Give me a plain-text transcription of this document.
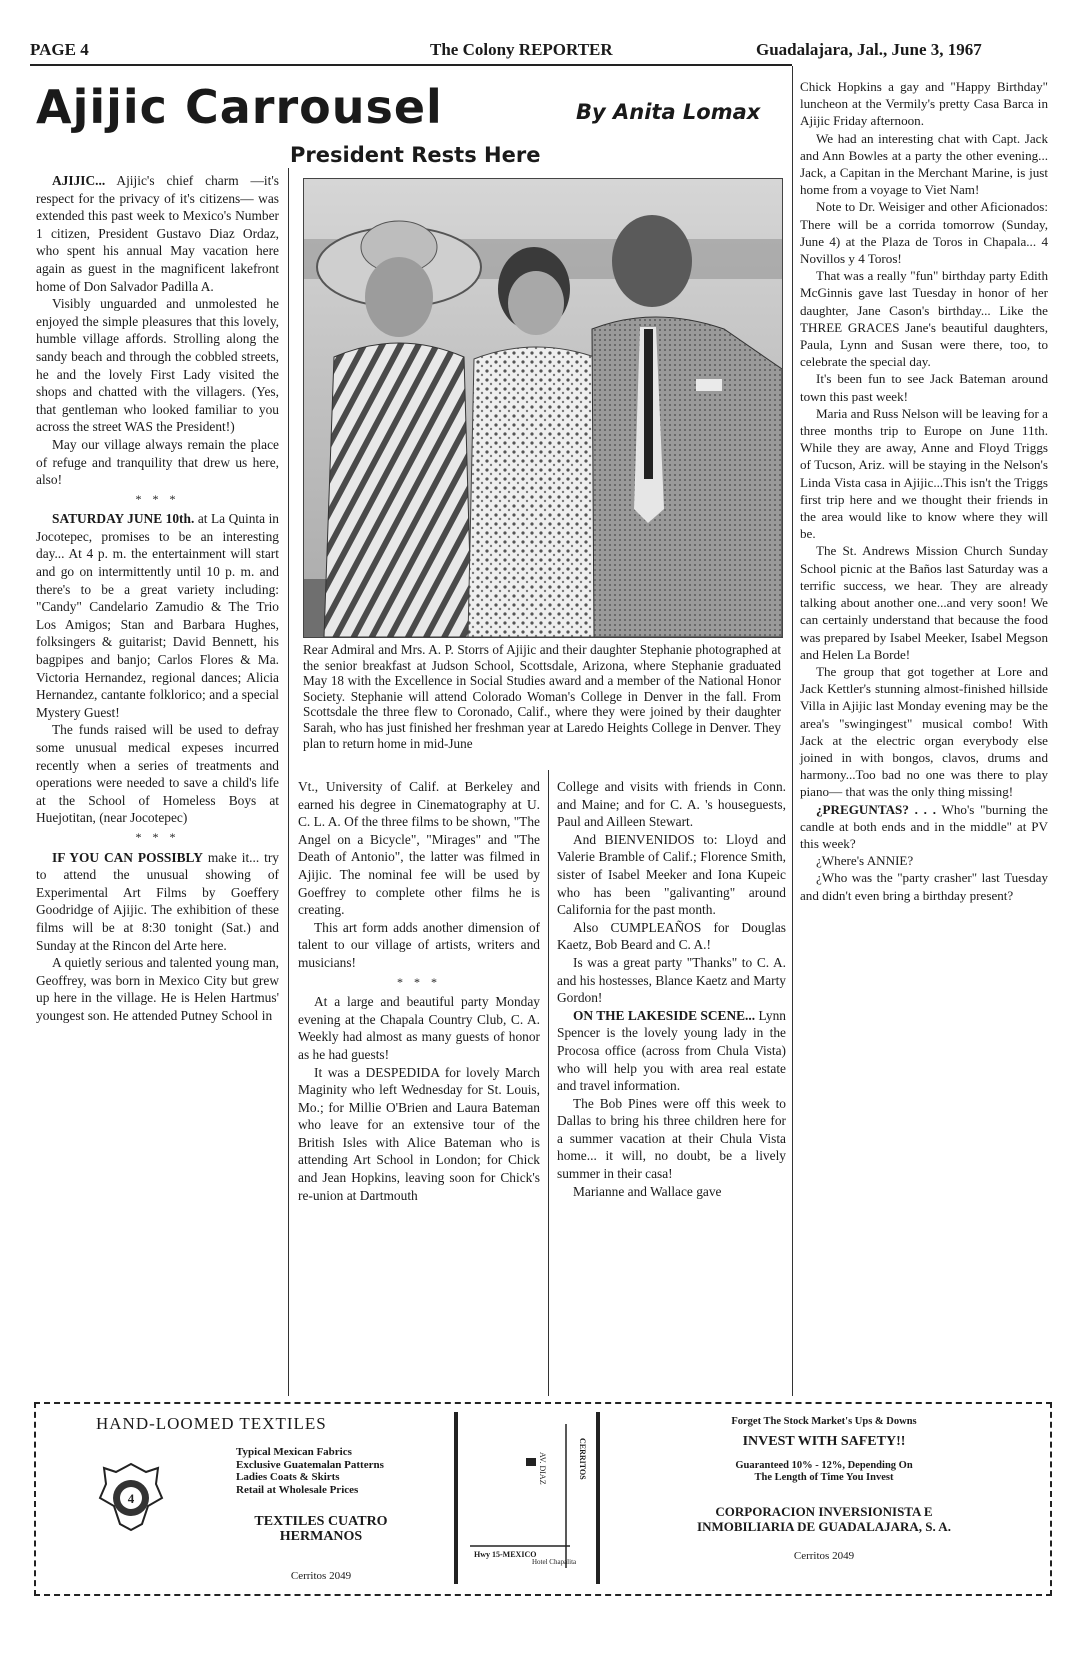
PAGE 4	The Colony REPORTER	Guadalajara, Jal., June 3, 1967
Ajijic Carrousel	By Anita Lomax
President Rests Here
Rear Admiral and Mrs. A. P. Storrs of Ajijic and their daughter Stephanie photographed at the senior breakfast at Judson School, Scottsdale, Arizona, where Stephanie graduated May 18 with the Excellence in Social Studies award and a member of the National Honor Society. Stephanie will attend Colorado Woman's College in Denver in the fall. From Scottsdale the three flew to Coronado, Calif., where they were joined by their daughter Sarah, who has just finished her freshman year at Laredo Heights College in Denver. They plan to return home in mid-June

AJIJIC... Ajijic's chief charm —it's respect for the privacy of it's citizens— was extended this past week to Mexico's Number 1 citizen, President Gustavo Diaz Ordaz, who spent his annual May vacation here again as guest in the magnificent lakefront home of Don Salvador Padilla A.

Visibly unguarded and unmolested he enjoyed the simple pleasures that this lovely, humble village affords. Strolling along the sandy beach and through the cobbled streets, he and the lovely First Lady visited the shops and chatted with the villagers. (Yes, that gentleman who looked familiar to you across the street WAS the President!)

May our village always remain the place of refuge and tranquility that drew us here, also!

* * *

SATURDAY JUNE 10th. at La Quinta in Jocotepec, promises to be an interesting day... At 4 p. m. the entertainment will start and go on intermittently until 10 p. m. and there's to be a great variety including: "Candy" Candelario Zamudio & The Trio Los Amigos; Stan and Barbara Hughes, folksingers & guitarist; David Bennett, his bagpipes and banjo; Carlos Flores & Ma. Victoria Hernandez, regional dances; Alicia Hernandez, cantante folklorico; and a special Mystery Guest!

The funds raised will be used to defray some unusual medical expeses incurred recently when a series of treatments and operations were needed to save a child's life at the School of Homeless Boys at Huejotitan, (near Jocotepec)

* * *

IF YOU CAN POSSIBLY make it... try to attend the unusual showing of Experimental Art Films by Goeffery Goodridge of Ajijic. The exhibition of these films will be at 8:30 tonight (Sat.) and Sunday at the Rincon del Arte here.

A quietly serious and talented young man, Geoffrey, was born in Mexico City but grew up here in the village. He is Helen Hartmus' youngest son. He attended Putney School in

Vt., University of Calif. at Berkeley and earned his degree in Cinematography at U. C. L. A. Of the three films to be shown, "The Angel on a Bicycle", "Mirages" and "The Death of Antonio", the latter was filmed in Ajijic. The nominal fee will be used by Goeffrey to complete other films he is creating.

This art form adds another dimension of talent to our village of artists, writers and musicians!

* * *

At a large and beautiful party Monday evening at the Chapala Country Club, C. A. Weekly had almost as many guests of honor as he had guests!

It was a DESPEDIDA for lovely March Maginity who left Wednesday for St. Louis, Mo.; for Millie O'Brien and Laura Bateman who leave for an extensive tour of the British Isles with Alice Bateman who is attending Art School in London; for Chick and Jean Hopkins, leaving soon for Chick's re-union at Dartmouth

College and visits with friends in Conn. and Maine; and for C. A. 's houseguests, Paul and Ailleen Stewart.

And BIENVENIDOS to: Lloyd and Valerie Bramble of Calif.; Florence Smith, sister of Isabel Meeker and Iona Kupeic who has been "galivanting" around California for the past month.

Also CUMPLEAÑOS for Douglas Kaetz, Bob Beard and C. A.!

Is was a great party "Thanks" to C. A. and his hostesses, Blance Kaetz and Marty Gordon!

ON THE LAKESIDE SCENE... Lynn Spencer is the lovely young lady in the Procosa office (across from Chula Vista) who will help you with area real estate and travel information.

The Bob Pines were off this week to Dallas to bring his three children here for a summer vacation at their Chula Vista home... it will, no doubt, be a lively summer in their casa!

Marianne and Wallace gave

Chick Hopkins a gay and "Happy Birthday" luncheon at the Vermily's pretty Casa Barca in Ajijic Friday afternoon.

We had an interesting chat with Capt. Jack and Ann Bowles at a party the other evening... Jack, a Capitan in the Merchant Marine, is just home from a voyage to Viet Nam!

Note to Dr. Weisiger and other Aficionados: There will be a corrida tomorrow (Sunday, June 4) at the Plaza de Toros in Chapala... 4 Novillos y 4 Toros!

That was a really "fun" birthday party Edith McGinnis gave last Tuesday in honor of her daughter, Jane Cason's birthday... Like the THREE GRACES Jane's beautiful daughters, Paula, Lynn and Susan were there, too, to celebrate the special day.

It's been fun to see Jack Bateman around town this past week!

Maria and Russ Nelson will be leaving for a three months trip to Europe on June 11th. While they are away, Anne and Floyd Triggs of Tucson, Ariz. will be staying in the Nelson's Linda Vista casa in Ajijic...This isn't the Triggs first trip here and we thought their friends in the area would like to know where they will be.

The St. Andrews Mission Church Sunday School picnic at the Baños last Saturday was a terrific success, we hear. They are already talking about another one...and very soon! We can certainly understand that because the food was prepared by Isabel Meeker, Isabel Megson and Helen La Borde!

The group that got together at Lore and Jack Kettler's stunning almost-finished hillside Villa in Ajijic last Monday evening may be the area's "swingingest" musical combo! With Jack at the electric organ everybody else joined in with bongos, clavos, drums and harmony...Too bad no one was there to play piano— that was the only thing missing!

¿PREGUNTAS? . . . Who's "burning the candle at both ends and in the middle" at PV this week?

¿Where's ANNIE?

¿Who was the "party crasher" last Tuesday and didn't even bring a birthday present?

HAND-LOOMED TEXTILES
4
Typical Mexican Fabrics
Exclusive Guatemalan Patterns
Ladies Coats & Skirts
Retail at Wholesale Prices
TEXTILES CUATRO
HERMANOS
Cerritos 2049
CERRITOS
AV. DIAZ
Hwy 15-MEXICO
Hotel Chapalita
Forget The Stock Market's Ups & Downs
INVEST WITH SAFETY!!
Guaranteed 10% - 12%, Depending On
The Length of Time You Invest
CORPORACION INVERSIONISTA E
INMOBILIARIA DE GUADALAJARA, S. A.
Cerritos 2049
